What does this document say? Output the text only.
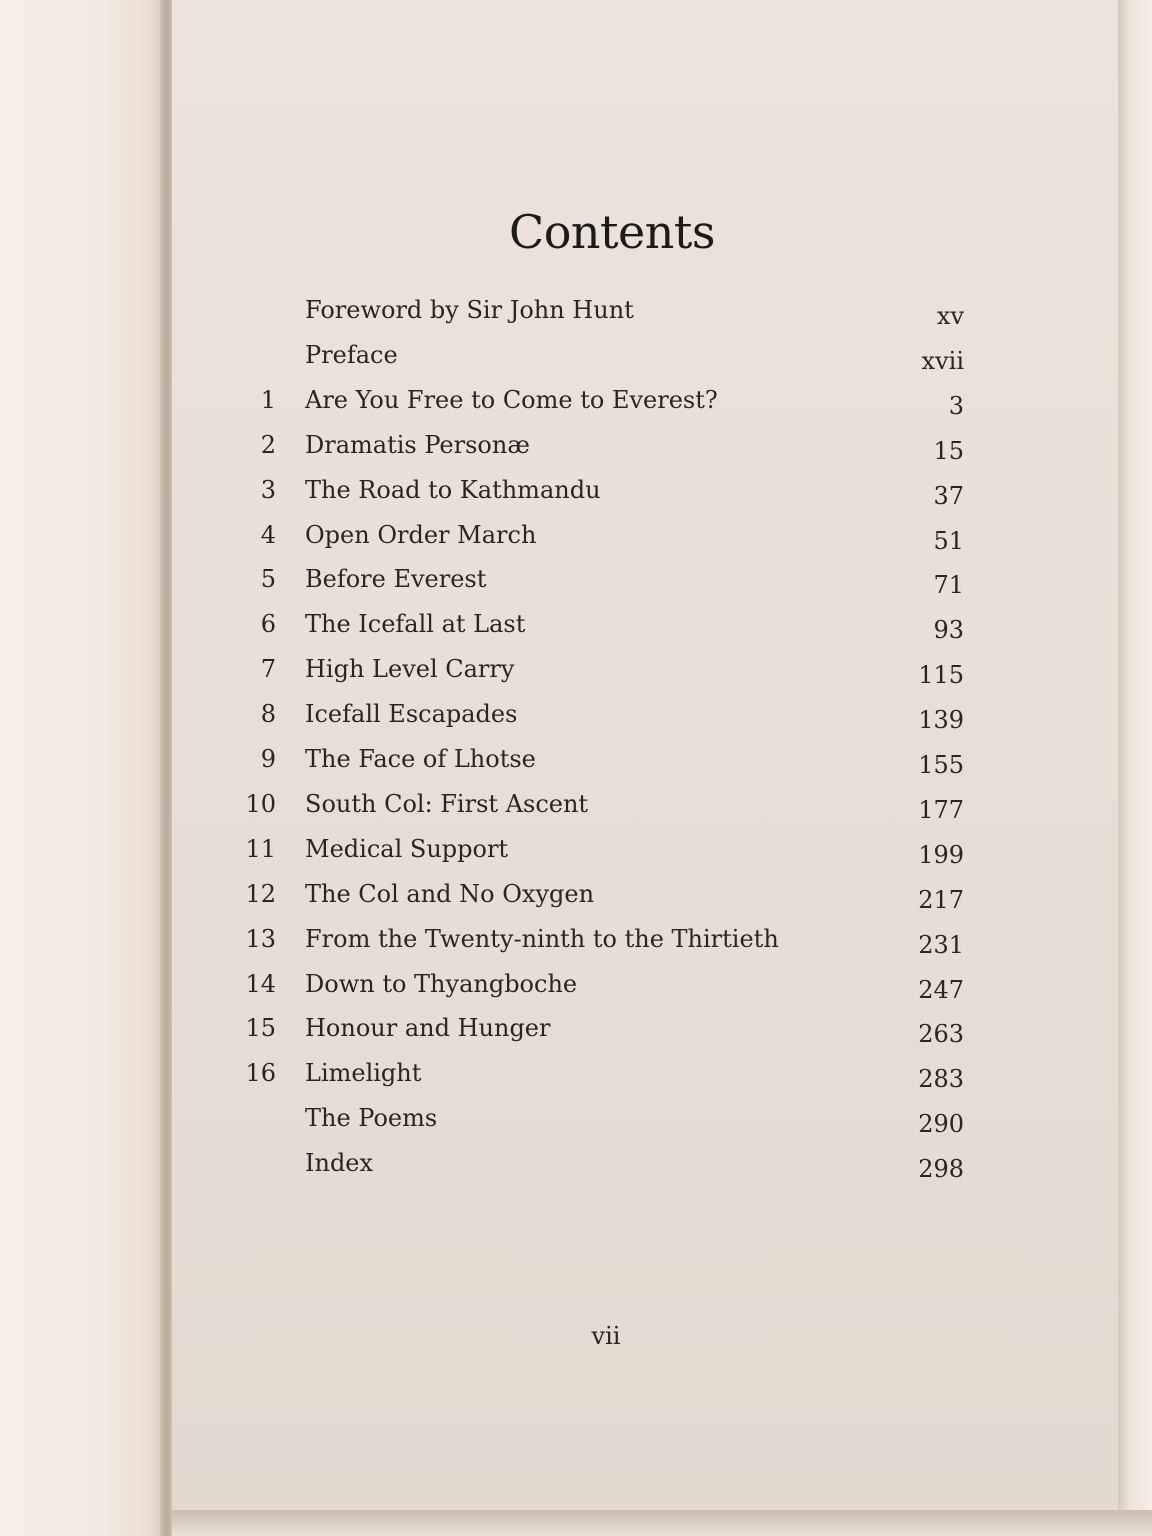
Contents
Foreword by Sir John Hunt	xv
Preface	xvii
1 Are You Free to Come to Everest?	3
2 Dramatis Personæ	15
3 The Road to Kathmandu	37
4 Open Order March	51
5 Before Everest	71
6 The Icefall at Last	93
7 High Level Carry	115
8 Icefall Escapades	139
9 The Face of Lhotse	155
10 South Col: First Ascent	177
11 Medical Support	199
12 The Col and No Oxygen	217
13 From the Twenty-ninth to the Thirtieth	231
14 Down to Thyangboche	247
15 Honour and Hunger	263
16 Limelight	283
The Poems	290
Index	298
vii
